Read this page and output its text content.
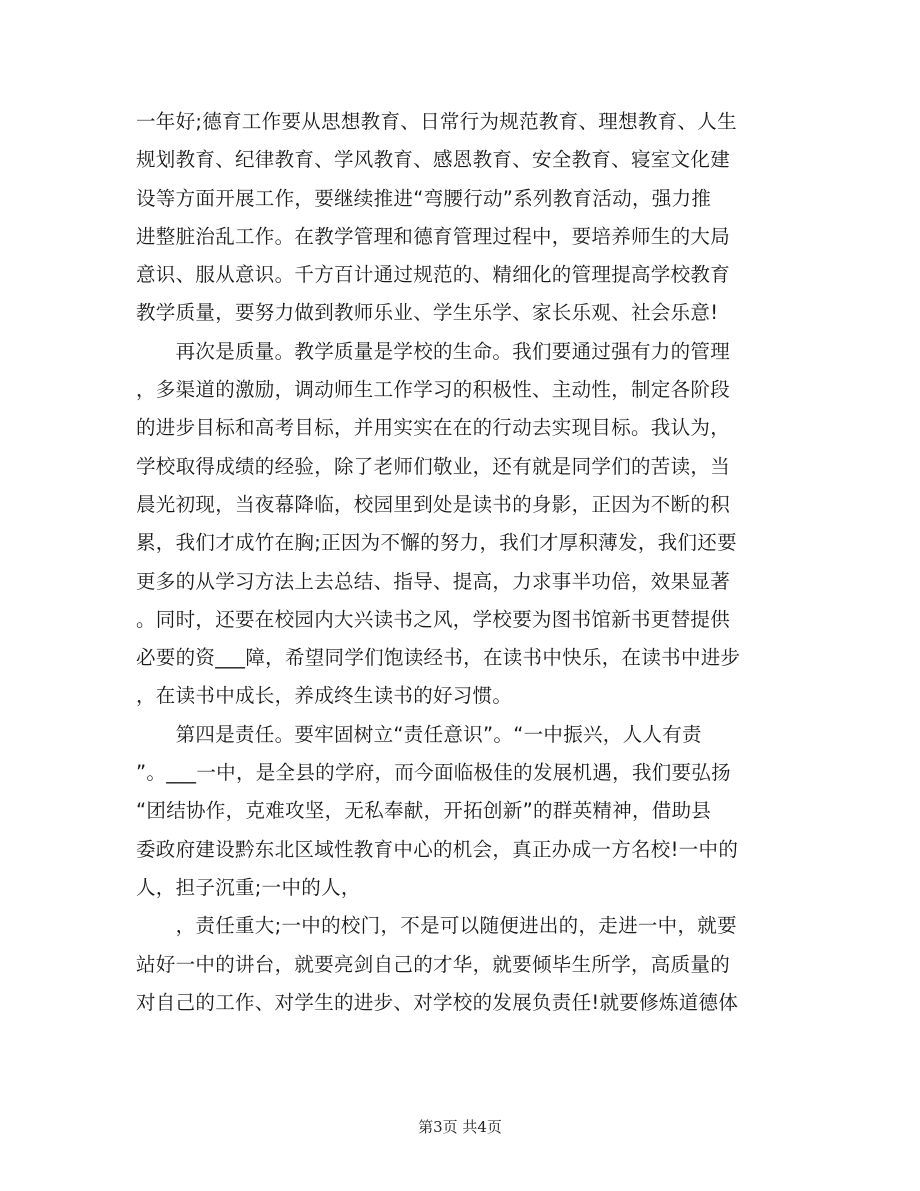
一年好;德育工作要从思想教育、日常行为规范教育、理想教育、人生
规划教育、纪律教育、学风教育、感恩教育、安全教育、寝室文化建
设等方面开展工作，要继续推进“弯腰行动”系列教育活动，强力推
进整脏治乱工作。在教学管理和德育管理过程中，要培养师生的大局
意识、服从意识。千方百计通过规范的、精细化的管理提高学校教育
教学质量，要努力做到教师乐业、学生乐学、家长乐观、社会乐意!
　　再次是质量。教学质量是学校的生命。我们要通过强有力的管理
，多渠道的激励，调动师生工作学习的积极性、主动性，制定各阶段
的进步目标和高考目标，并用实实在在的行动去实现目标。我认为，
学校取得成绩的经验，除了老师们敬业，还有就是同学们的苦读，当
晨光初现，当夜幕降临，校园里到处是读书的身影，正因为不断的积
累，我们才成竹在胸;正因为不懈的努力，我们才厚积薄发，我们还要
更多的从学习方法上去总结、指导、提高，力求事半功倍，效果显著
。同时，还要在校园内大兴读书之风，学校要为图书馆新书更替提供
必要的资___障，希望同学们饱读经书，在读书中快乐，在读书中进步
，在读书中成长，养成终生读书的好习惯。
　　第四是责任。要牢固树立“责任意识”。“一中振兴，人人有责
”。___一中，是全县的学府，而今面临极佳的发展机遇，我们要弘扬
“团结协作，克难攻坚，无私奉献，开拓创新”的群英精神，借助县
委政府建设黔东北区域性教育中心的机会，真正办成一方名校!一中的
人，担子沉重;一中的人，
　　，责任重大;一中的校门，不是可以随便进出的，走进一中，就要
站好一中的讲台，就要亮剑自己的才华，就要倾毕生所学，高质量的
对自己的工作、对学生的进步、对学校的发展负责任!就要修炼道德体
第3页 共4页
